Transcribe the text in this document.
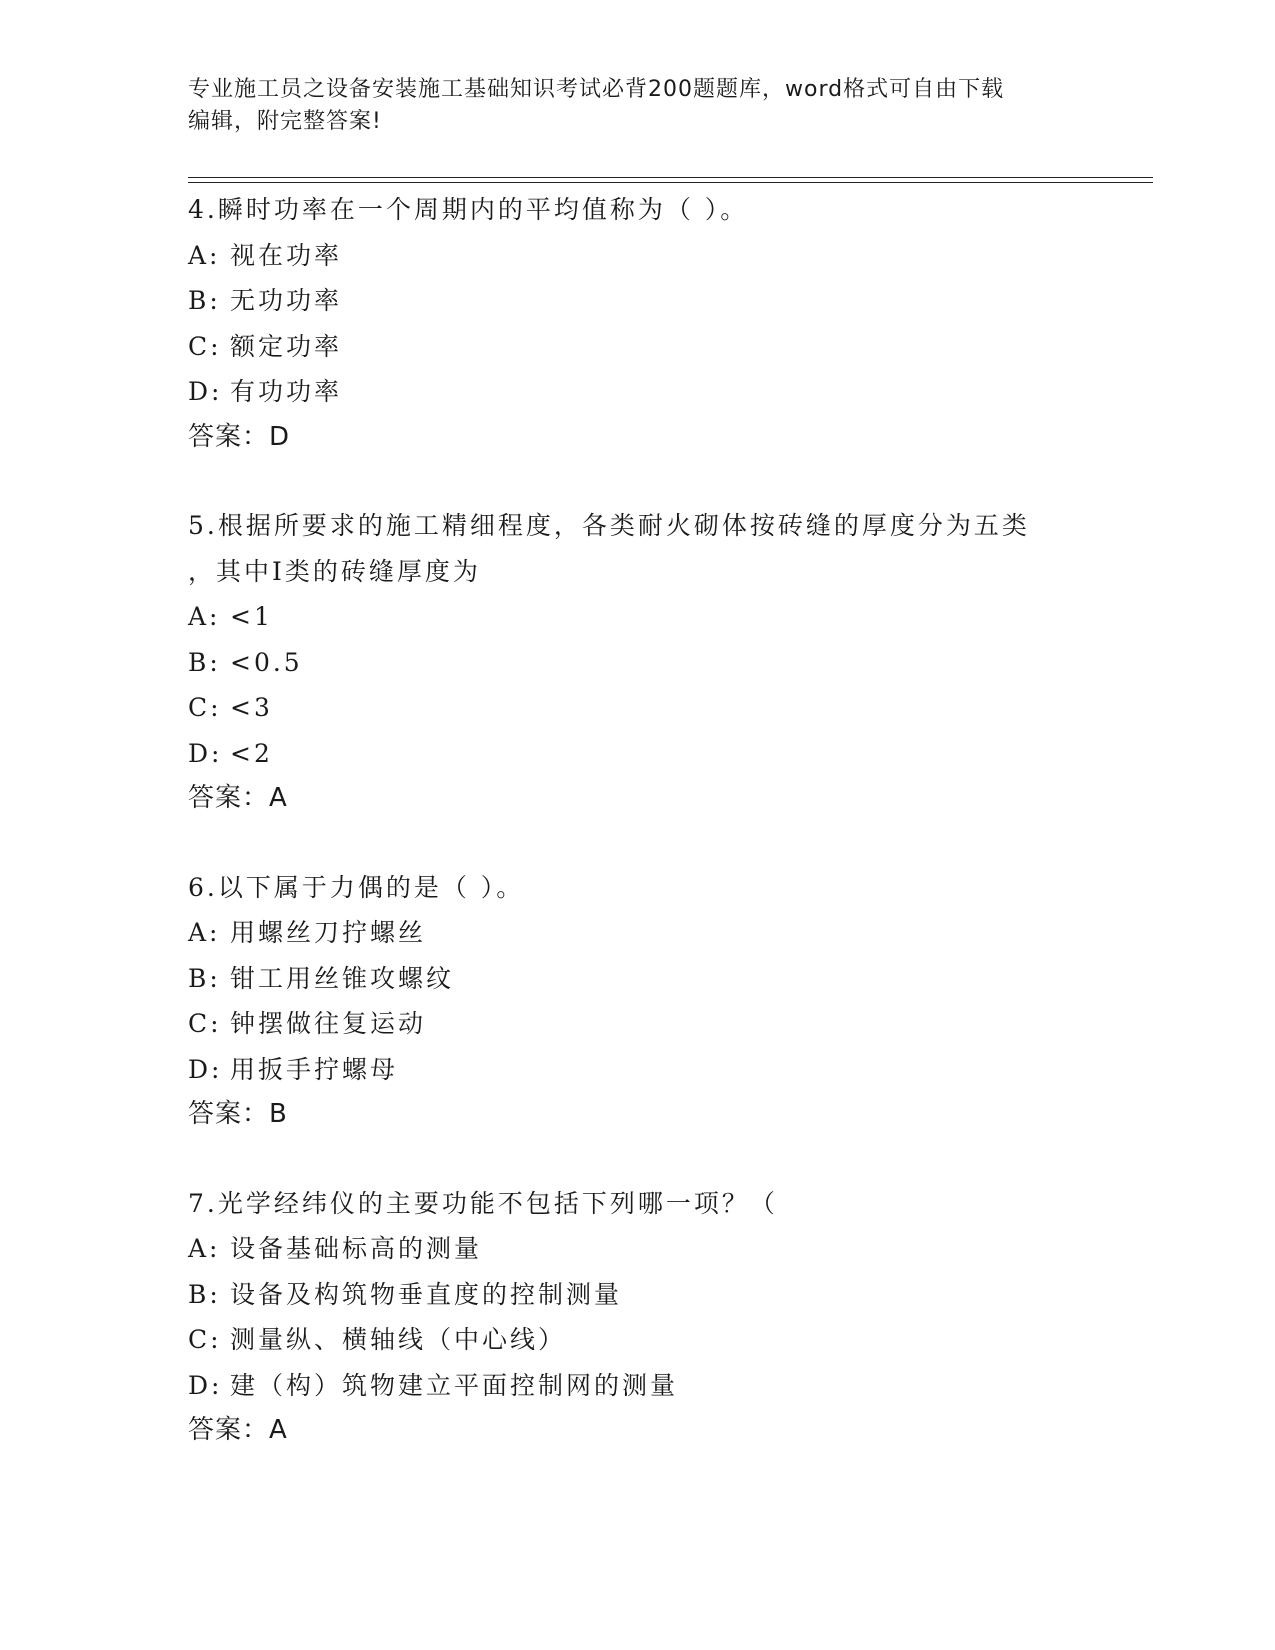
专业施工员之设备安装施工基础知识考试必背200题题库，word格式可自由下载
编辑，附完整答案!
4.瞬时功率在一个周期内的平均值称为（ ）。
A: 视在功率
B: 无功功率
C: 额定功率
D: 有功功率
答案：D
5.根据所要求的施工精细程度，各类耐火砌体按砖缝的厚度分为五类
，其中Ⅰ类的砖缝厚度为
A: <1
B: <0.5
C: <3
D: <2
答案：A
6.以下属于力偶的是（ ）。
A: 用螺丝刀拧螺丝
B: 钳工用丝锥攻螺纹
C: 钟摆做往复运动
D: 用扳手拧螺母
答案：B
7.光学经纬仪的主要功能不包括下列哪一项？（
A: 设备基础标高的测量
B: 设备及构筑物垂直度的控制测量
C: 测量纵、横轴线（中心线）
D: 建（构）筑物建立平面控制网的测量
答案：A
